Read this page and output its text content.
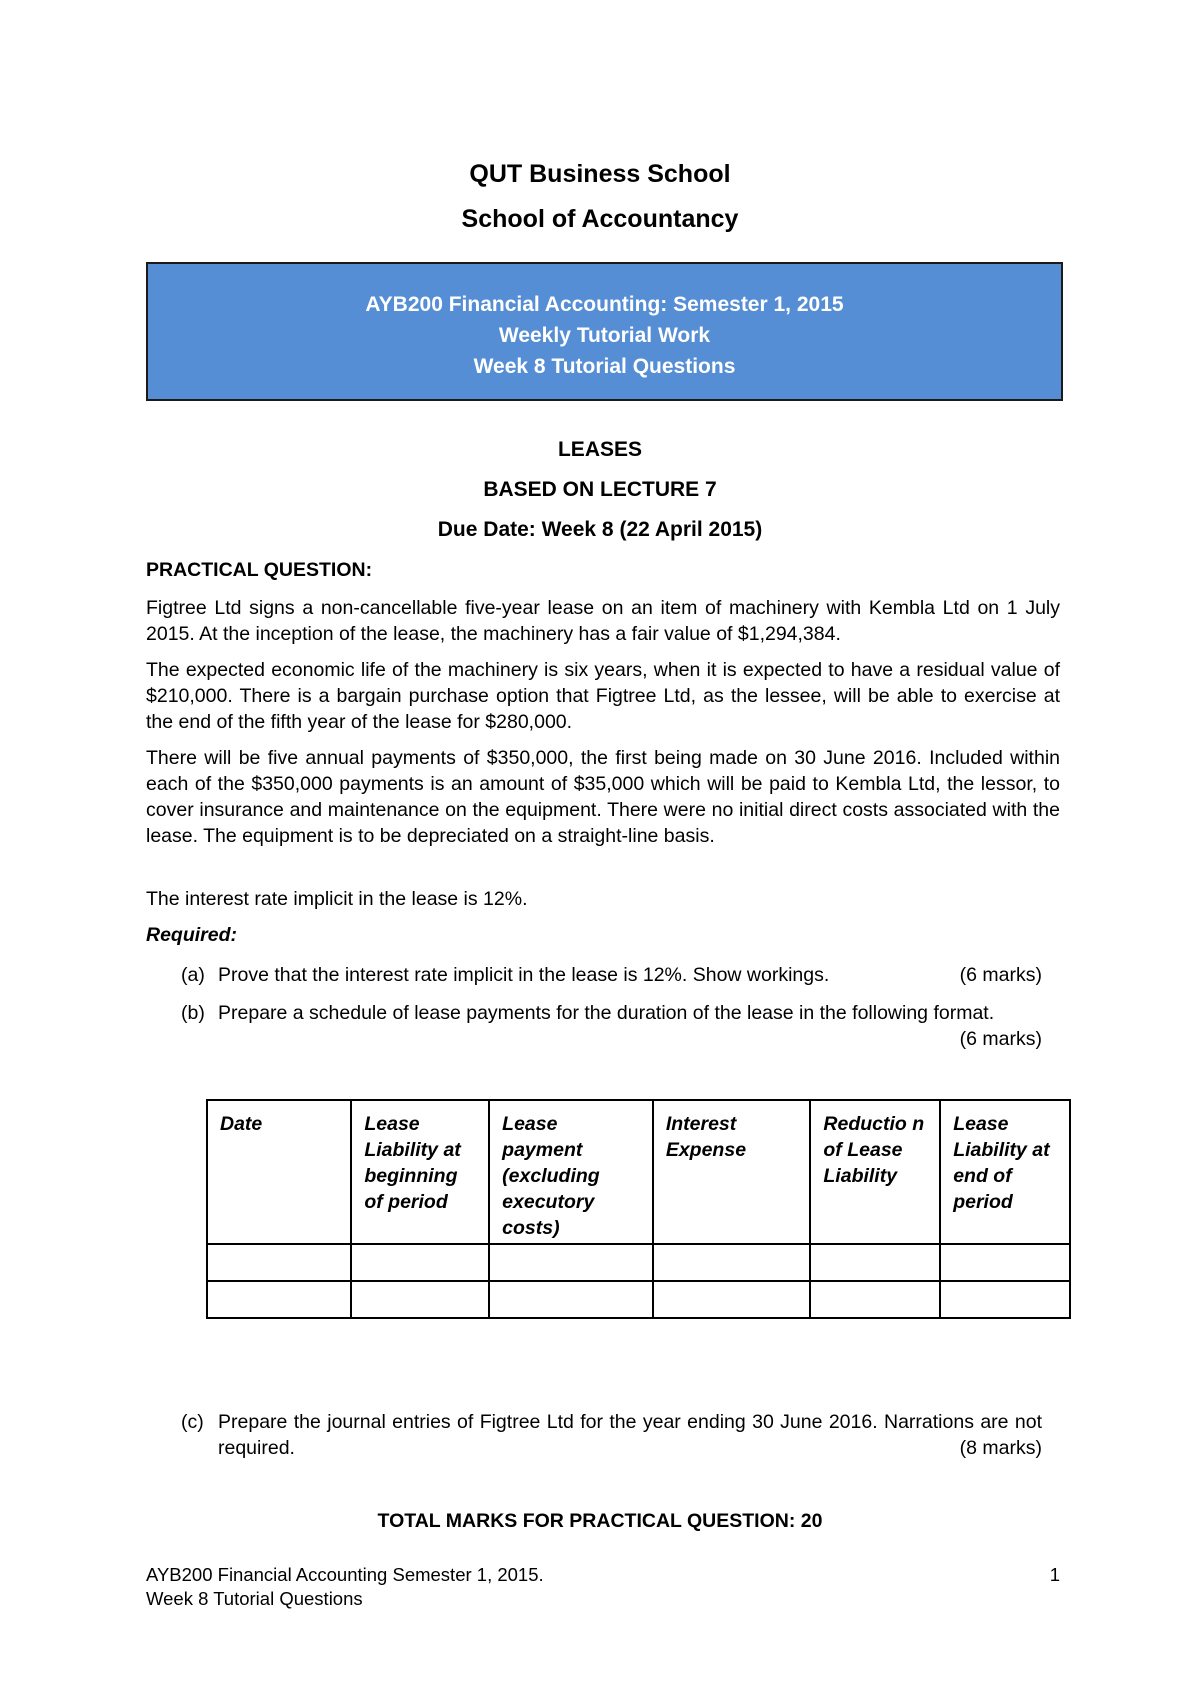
QUT Business School
School of Accountancy
AYB200 Financial Accounting: Semester 1, 2015
Weekly Tutorial Work
Week 8 Tutorial Questions
LEASES
BASED ON LECTURE 7
Due Date: Week 8 (22 April 2015)
PRACTICAL QUESTION:

Figtree Ltd signs a non-cancellable five-year lease on an item of machinery with Kembla Ltd on 1 July 2015. At the inception of the lease, the machinery has a fair value of $1,294,384.

The expected economic life of the machinery is six years, when it is expected to have a residual value of $210,000. There is a bargain purchase option that Figtree Ltd, as the lessee, will be able to exercise at the end of the fifth year of the lease for $280,000.

There will be five annual payments of $350,000, the first being made on 30 June 2016. Included within each of the $350,000 payments is an amount of $35,000 which will be paid to Kembla Ltd, the lessor, to cover insurance and maintenance on the equipment. There were no initial direct costs associated with the lease. The equipment is to be depreciated on a straight-line basis.

The interest rate implicit in the lease is 12%.

Required:
(a) Prove that the interest rate implicit in the lease is 12%. Show workings.	(6 marks)
(b) Prepare a schedule of lease payments for the duration of the lease in the following format.

(6 marks)
Date	Lease Liability at beginning of period	Lease payment (excluding executory costs)	Interest Expense	Reductio n of Lease Liability	Lease Liability at end of period

(c) Prepare the journal entries of Figtree Ltd for the year ending 30 June 2016. Narrations are not required.	(8 marks)
TOTAL MARKS FOR PRACTICAL QUESTION: 20
AYB200 Financial Accounting Semester 1, 2015.
Week 8 Tutorial Questions
1
